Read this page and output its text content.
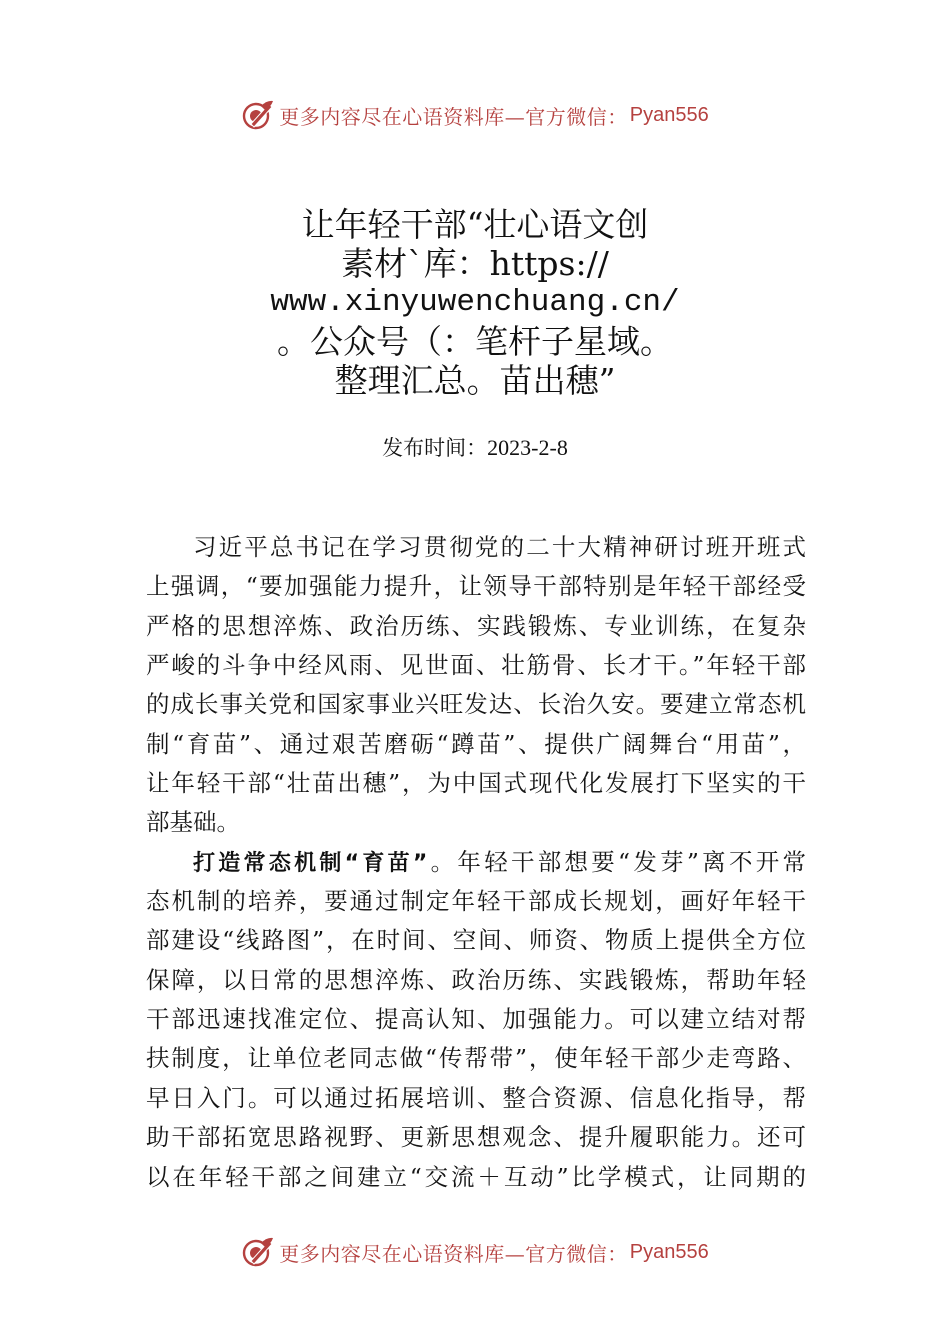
更多内容尽在心语资料库—官方微信： Pyan556
让年轻干部“壮心语文创
素材`库：https://
www.xinyuwenchuang.cn/
。公众号（：笔杆子星域。
整理汇总。苗出穗”
发布时间：2023-2-8
习近平总书记在学习贯彻党的二十大精神研讨班开班式
上强调，“要加强能力提升，让领导干部特别是年轻干部经受
严格的思想淬炼、政治历练、实践锻炼、专业训练，在复杂
严峻的斗争中经风雨、见世面、壮筋骨、长才干。”年轻干部
的成长事关党和国家事业兴旺发达、长治久安。要建立常态机
制“育苗”、通过艰苦磨砺“蹲苗”、提供广阔舞台“用苗”，
让年轻干部“壮苗出穗”，为中国式现代化发展打下坚实的干
部基础。
打造常态机制“育苗”。年轻干部想要“发芽”离不开常
态机制的培养，要通过制定年轻干部成长规划，画好年轻干
部建设“线路图”，在时间、空间、师资、物质上提供全方位
保障，以日常的思想淬炼、政治历练、实践锻炼，帮助年轻
干部迅速找准定位、提高认知、加强能力。可以建立结对帮
扶制度，让单位老同志做“传帮带”，使年轻干部少走弯路、
早日入门。可以通过拓展培训、整合资源、信息化指导，帮
助干部拓宽思路视野、更新思想观念、提升履职能力。还可
以在年轻干部之间建立“交流＋互动”比学模式，让同期的
更多内容尽在心语资料库—官方微信： Pyan556
